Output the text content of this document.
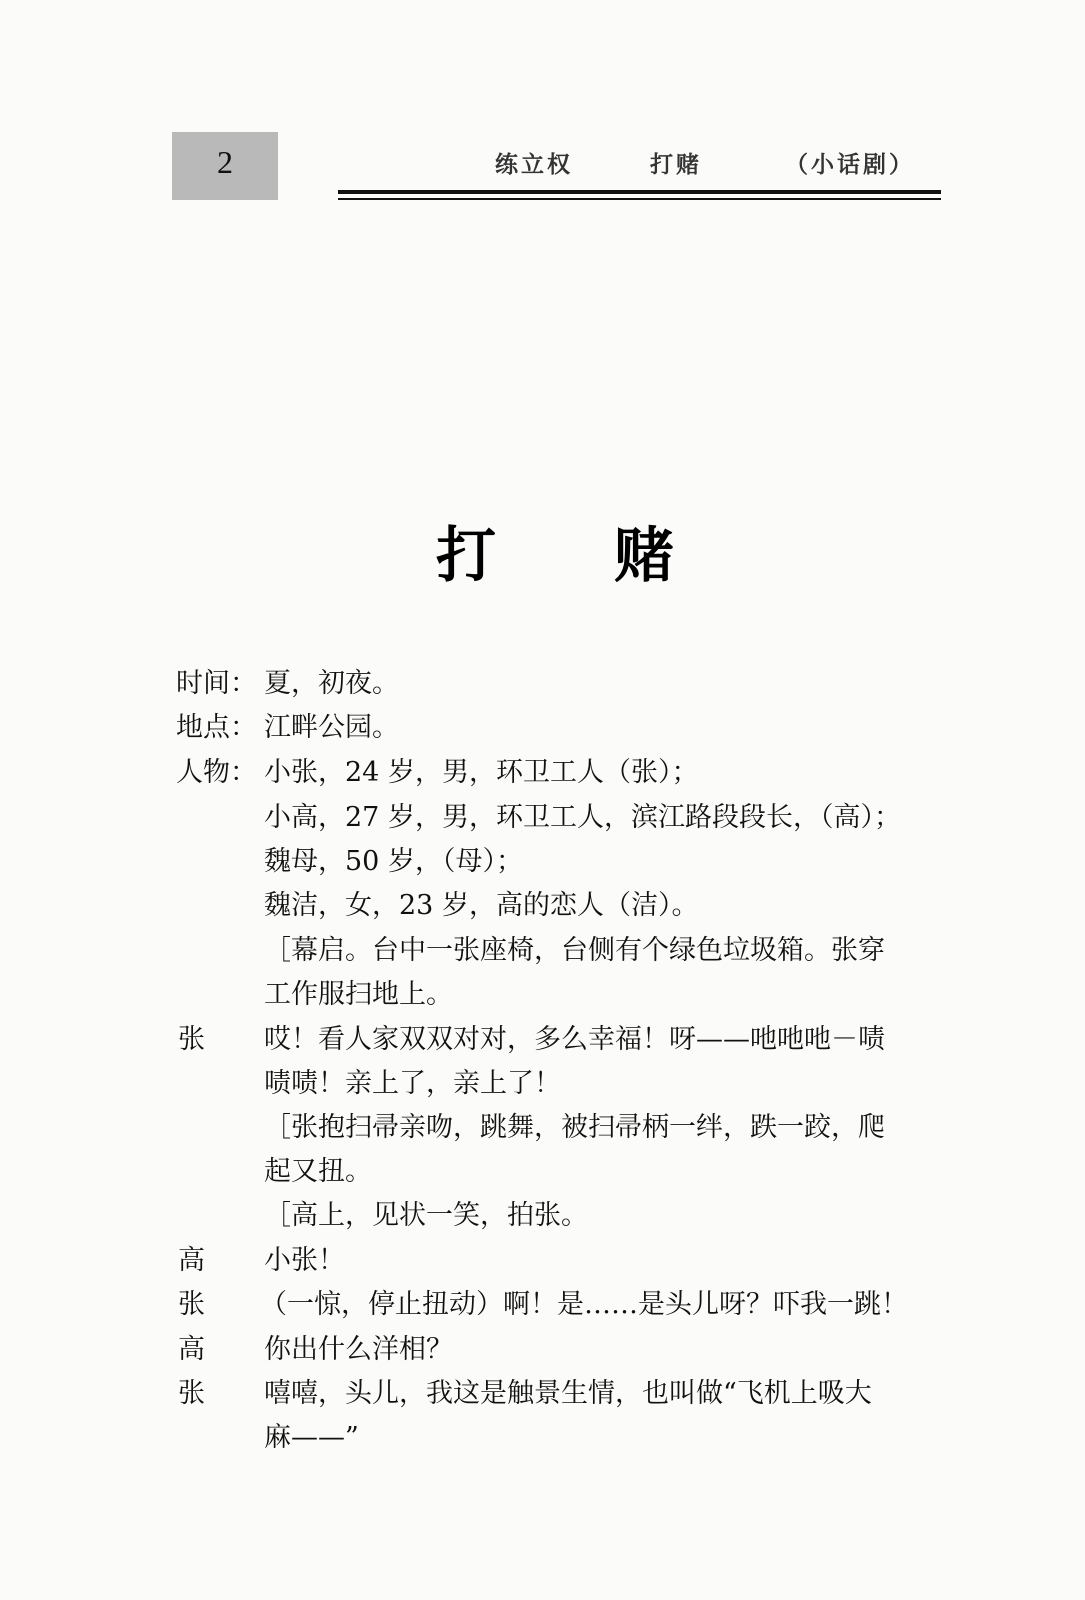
2	练立权	打赌	（小话剧）
打 赌
时间： 夏，初夜。
地点： 江畔公园。
人物： 小张，24 岁，男，环卫工人（张）；
小高，27 岁，男，环卫工人，滨江路段段长，（高）；
魏母，50 岁，（母）；
魏洁，女，23 岁，高的恋人（洁）。
［幕启。台中一张座椅，台侧有个绿色垃圾箱。张穿
工作服扫地上。
张 哎！看人家双双对对，多么幸福！呀——吔吔吔－啧
啧啧！亲上了，亲上了！
［张抱扫帚亲吻，跳舞，被扫帚柄一绊，跌一跤，爬
起又扭。
［高上，见状一笑，拍张。
高 小张！
张 （一惊，停止扭动）啊！是……是头儿呀？吓我一跳！
高 你出什么洋相？
张 嘻嘻，头儿，我这是触景生情，也叫做“飞机上吸大
麻——”
